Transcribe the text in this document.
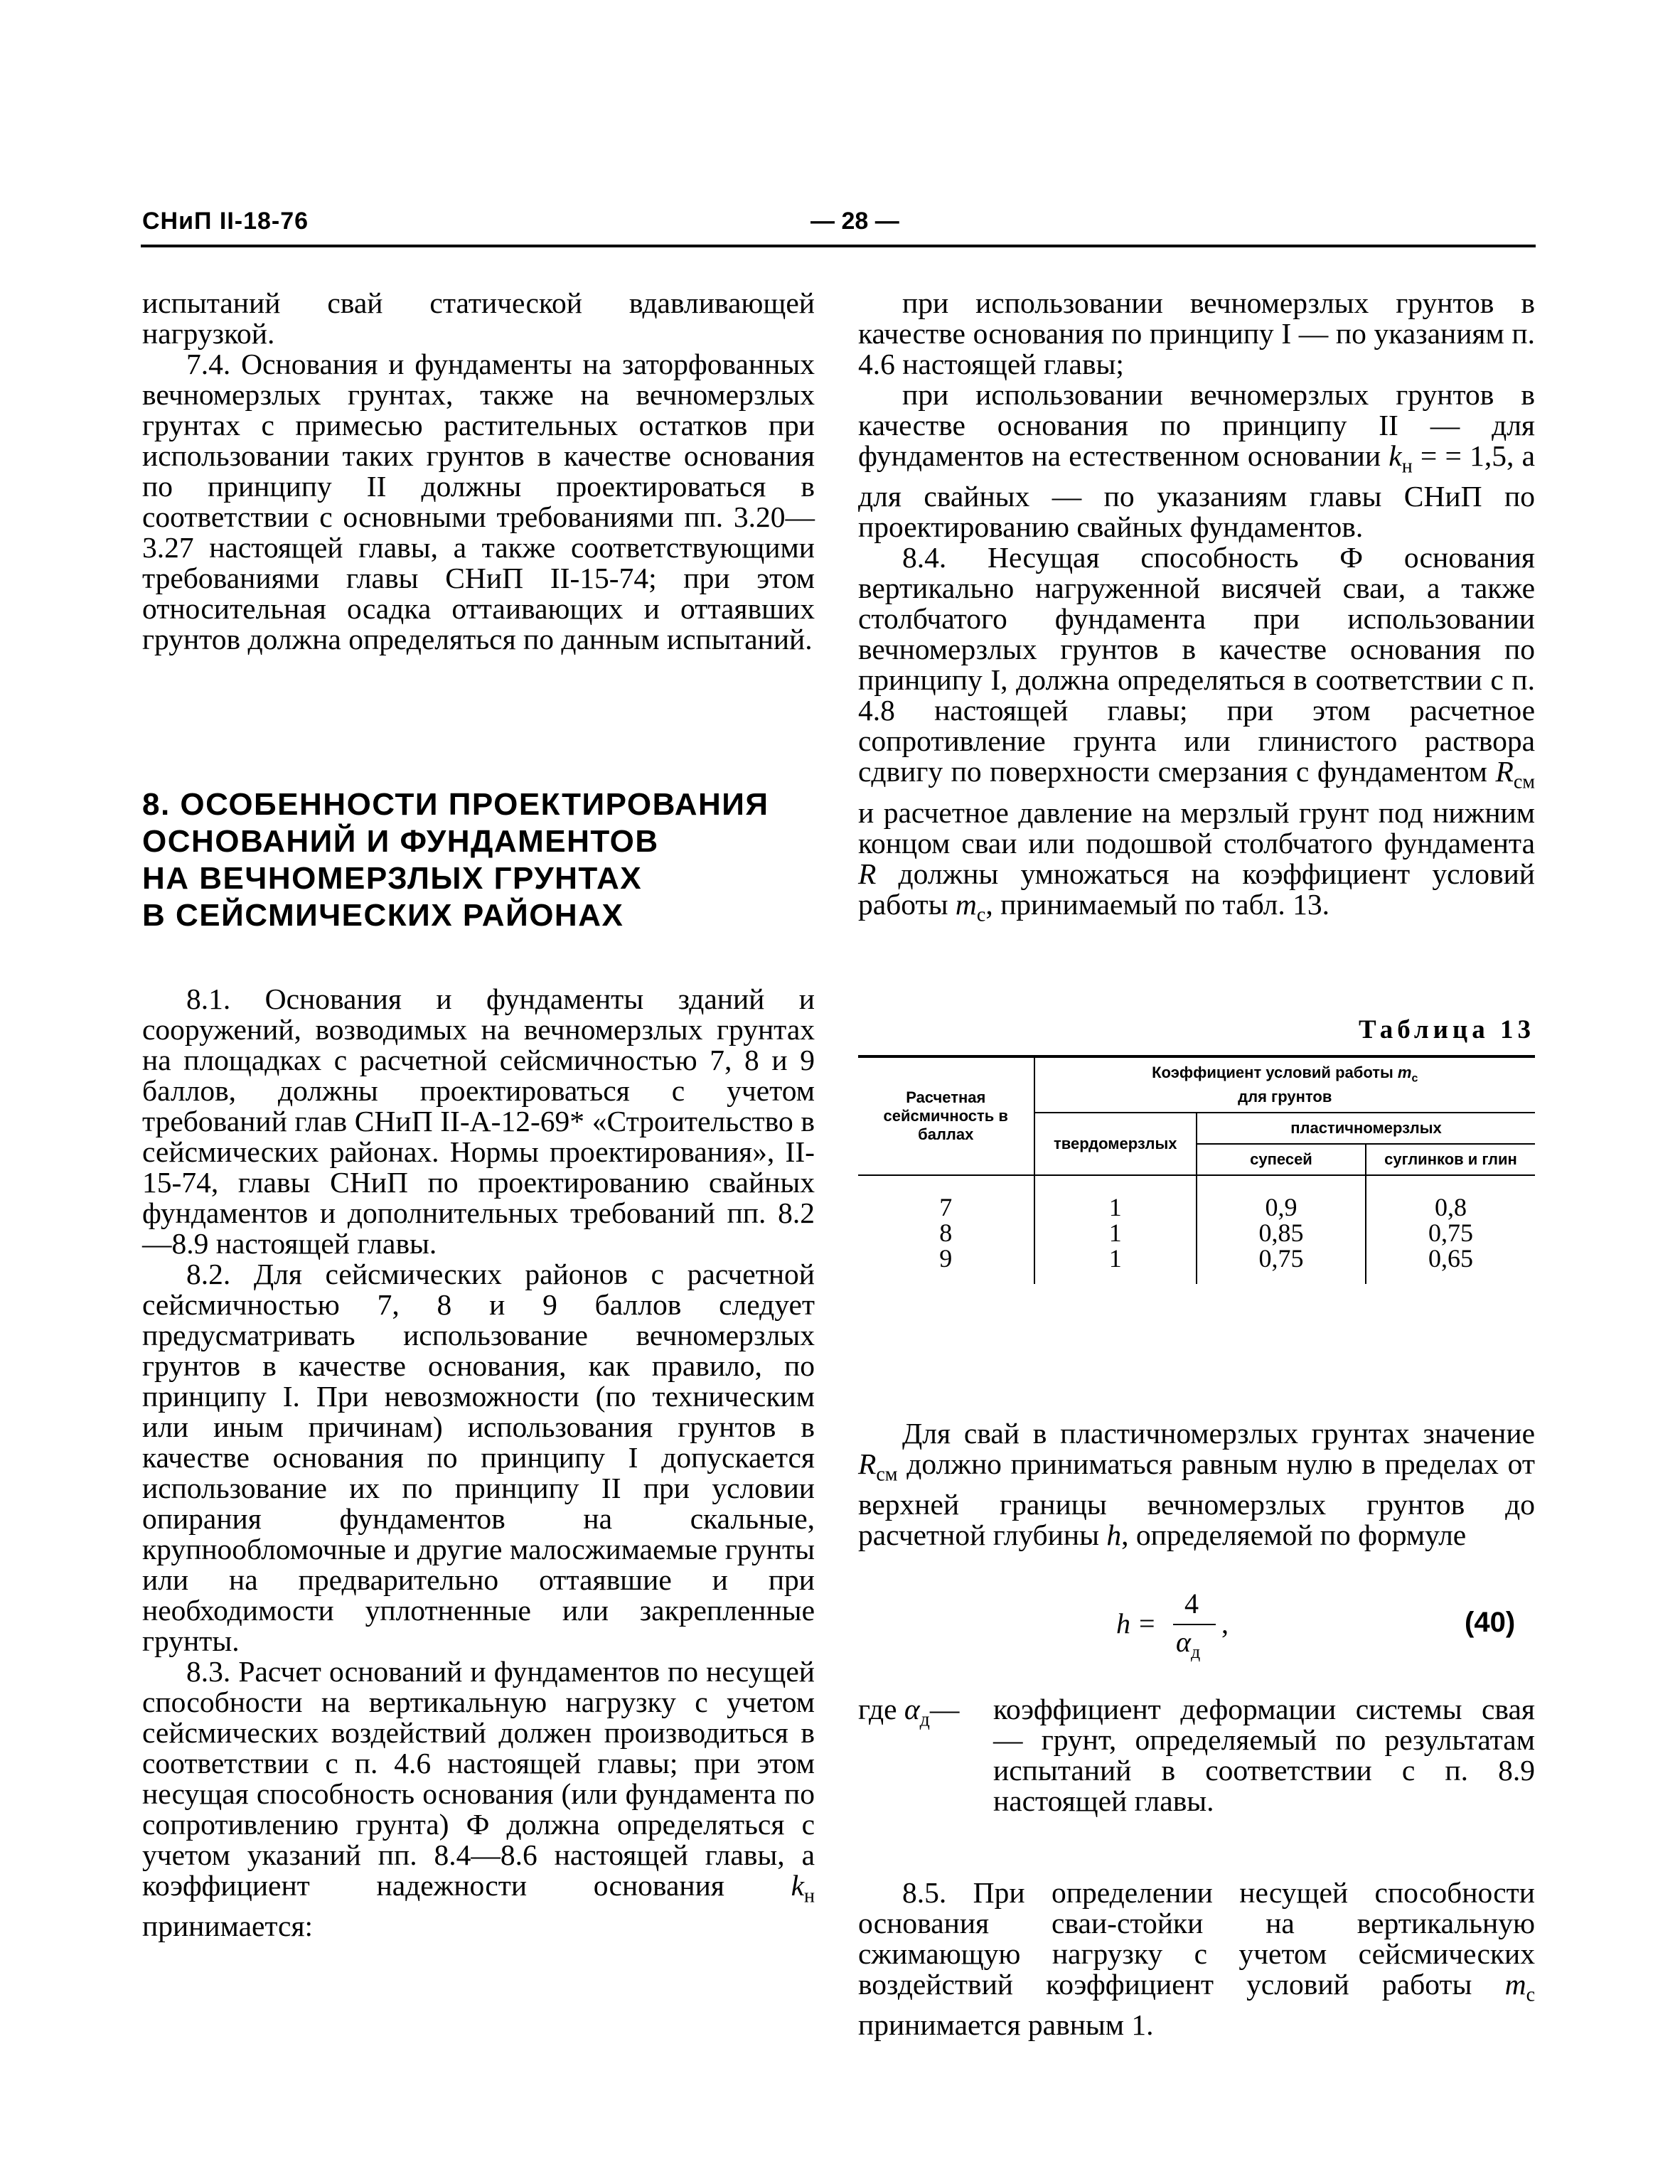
СНиП II-18-76	— 28 —

испытаний свай статической вдавливающей нагрузкой.

7.4. Основания и фундаменты на заторфованных вечномерзлых грунтах, также на вечномерзлых грунтах с примесью растительных остатков при использовании таких грунтов в качестве основания по принципу II должны проектироваться в соответствии с основными требованиями пп. 3.20—3.27 настоящей главы, а также соответствующими требованиями главы СНиП II-15-74; при этом относительная осадка оттаивающих и оттаявших грунтов должна определяться по данным испытаний.

8. ОСОБЕННОСТИ ПРОЕКТИРОВАНИЯ
ОСНОВАНИЙ И ФУНДАМЕНТОВ
НА ВЕЧНОМЕРЗЛЫХ ГРУНТАХ
В СЕЙСМИЧЕСКИХ РАЙОНАХ

8.1. Основания и фундаменты зданий и сооружений, возводимых на вечномерзлых грунтах на площадках с расчетной сейсмичностью 7, 8 и 9 баллов, должны проектироваться с учетом требований глав СНиП II-А-12-69* «Строительство в сейсмических районах. Нормы проектирования», II-15-74, главы СНиП по проектированию свайных фундаментов и дополнительных требований пп. 8.2—8.9 настоящей главы.

8.2. Для сейсмических районов с расчетной сейсмичностью 7, 8 и 9 баллов следует предусматривать использование вечномерзлых грунтов в качестве основания, как правило, по принципу I. При невозможности (по техническим или иным причинам) использования грунтов в качестве основания по принципу I допускается использование их по принципу II при условии опирания фундаментов на скальные, крупнообломочные и другие малосжимаемые грунты или на предварительно оттаявшие и при необходимости уплотненные или закрепленные грунты.

8.3. Расчет оснований и фундаментов по несущей способности на вертикальную нагрузку с учетом сейсмических воздействий должен производиться в соответствии с п. 4.6 настоящей главы; при этом несущая способность основания (или фундамента по сопротивлению грунта) Ф должна определяться с учетом указаний пп. 8.4—8.6 настоящей главы, а коэффициент надежности основания $k_н$ принимается:

при использовании вечномерзлых грунтов в качестве основания по принципу I — по указаниям п. 4.6 настоящей главы;

при использовании вечномерзлых грунтов в качестве основания по принципу II — для фундаментов на естественном основании $k_н$ = = 1,5, а для свайных — по указаниям главы СНиП по проектированию свайных фундаментов.

8.4. Несущая способность Ф основания вертикально нагруженной висячей сваи, а также столбчатого фундамента при использовании вечномерзлых грунтов в качестве основания по принципу I, должна определяться в соответствии с п. 4.8 настоящей главы; при этом расчетное сопротивление грунта или глинистого раствора сдвигу по поверхности смерзания с фундаментом $R_{см}$ и расчетное давление на мерзлый грунт под нижним концом сваи или подошвой столбчатого фундамента R должны умножаться на коэффициент условий работы $m_с$, принимаемый по табл. 13.

Таблица 13
Расчетная сейсмичность в баллах	Коэффициент условий работы $m_с$
для грунтов		
	твердомерзлых	пластичномерзлых	
		супесей	суглинков и глин
7	1	0,9	0,8
8	1	0,85	0,75
9	1	0,75	0,65

Для свай в пластичномерзлых грунтах значение $R_{см}$ должно приниматься равным нулю в пределах от верхней границы вечномерзлых грунтов до расчетной глубины h, определяемой по формуле

h =
4
$\alpha_д$
,	(40)
где $\alpha_д—$ коэффициент деформации системы свая — грунт, определяемый по результатам испытаний в соответствии с п. 8.9 настоящей главы.

8.5. При определении несущей способности основания сваи-стойки на вертикальную сжимающую нагрузку с учетом сейсмических воздействий коэффициент условий работы $m_с$ принимается равным 1.
